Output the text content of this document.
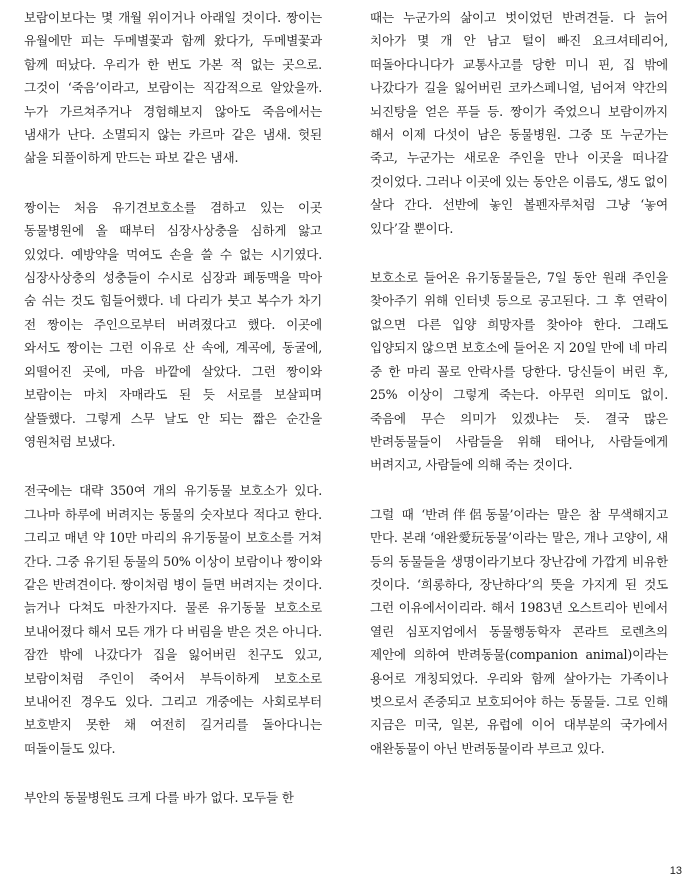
보람이보다는 몇 개월 위이거나 아래일 것이다. 짱이는 유월에만 피는 두메별꽃과 함께 왔다가, 두메별꽃과 함께 떠났다. 우리가 한 번도 가본 적 없는 곳으로. 그것이 ‘죽음’이라고, 보람이는 직감적으로 알았을까. 누가 가르쳐주거나 경험해보지 않아도 죽음에서는 냄새가 난다. 소멸되지 않는 카르마 같은 냄새. 헛된 삶을 되풀이하게 만드는 파보 같은 냄새.

짱이는 처음 유기견보호소를 겸하고 있는 이곳 동물병원에 올 때부터 심장사상충을 심하게 앓고 있었다. 예방약을 먹여도 손을 쓸 수 없는 시기였다. 심장사상충의 성충들이 수시로 심장과 폐동맥을 막아 숨 쉬는 것도 힘들어했다. 네 다리가 붓고 복수가 차기 전 짱이는 주인으로부터 버려졌다고 했다. 이곳에 와서도 짱이는 그런 이유로 산 속에, 계곡에, 동굴에, 외떨어진 곳에, 마음 바깥에 살았다. 그런 짱이와 보람이는 마치 자매라도 된 듯 서로를 보살피며 살뜰했다. 그렇게 스무 날도 안 되는 짧은 순간을 영원처럼 보냈다.

전국에는 대략 350여 개의 유기동물 보호소가 있다. 그나마 하루에 버려지는 동물의 숫자보다 적다고 한다. 그리고 매년 약 10만 마리의 유기동물이 보호소를 거쳐 간다. 그중 유기된 동물의 50% 이상이 보람이나 짱이와 같은 반려견이다. 짱이처럼 병이 들면 버려지는 것이다. 늙거나 다쳐도 마찬가지다. 물론 유기동물 보호소로 보내어졌다 해서 모든 개가 다 버림을 받은 것은 아니다. 잠깐 밖에 나갔다가 집을 잃어버린 친구도 있고, 보람이처럼 주인이 죽어서 부득이하게 보호소로 보내어진 경우도 있다. 그리고 개중에는 사회로부터 보호받지 못한 채 여전히 길거리를 돌아다니는 떠돌이들도 있다.

부안의 동물병원도 크게 다를 바가 없다. 모두들 한

때는 누군가의 삶이고 벗이었던 반려견들. 다 늙어 치아가 몇 개 안 남고 털이 빠진 요크셔테리어, 떠돌아다니다가 교통사고를 당한 미니 핀, 집 밖에 나갔다가 길을 잃어버린 코카스페니얼, 넘어져 약간의 뇌진탕을 얻은 푸들 등. 짱이가 죽었으니 보람이까지 해서 이제 다섯이 남은 동물병원. 그중 또 누군가는 죽고, 누군가는 새로운 주인을 만나 이곳을 떠나갈 것이었다. 그러나 이곳에 있는 동안은 이름도, 생도 없이 살다 간다. 선반에 놓인 볼펜자루처럼 그냥 ‘놓여 있다’갈 뿐이다.

보호소로 들어온 유기동물들은, 7일 동안 원래 주인을 찾아주기 위해 인터넷 등으로 공고된다. 그 후 연락이 없으면 다른 입양 희망자를 찾아야 한다. 그래도 입양되지 않으면 보호소에 들어온 지 20일 만에 네 마리 중 한 마리 꼴로 안락사를 당한다. 당신들이 버린 후, 25% 이상이 그렇게 죽는다. 아무런 의미도 없이. 죽음에 무슨 의미가 있겠냐는 듯. 결국 많은 반려동물들이 사람들을 위해 태어나, 사람들에게 버려지고, 사람들에 의해 죽는 것이다.

그럴 때 ‘반려伴侶동물’이라는 말은 참 무색해지고 만다. 본래 ‘애완愛玩동물’이라는 말은, 개나 고양이, 새 등의 동물들을 생명이라기보다 장난감에 가깝게 비유한 것이다. ‘희롱하다, 장난하다’의 뜻을 가지게 된 것도 그런 이유에서이리라. 해서 1983년 오스트리아 빈에서 열린 심포지엄에서 동물행동학자 콘라트 로렌츠의 제안에 의하여 반려동물(companion animal)이라는 용어로 개칭되었다. 우리와 함께 살아가는 가족이나 벗으로서 존중되고 보호되어야 하는 동물들. 그로 인해 지금은 미국, 일본, 유럽에 이어 대부분의 국가에서 애완동물이 아닌 반려동물이라 부르고 있다.

13
